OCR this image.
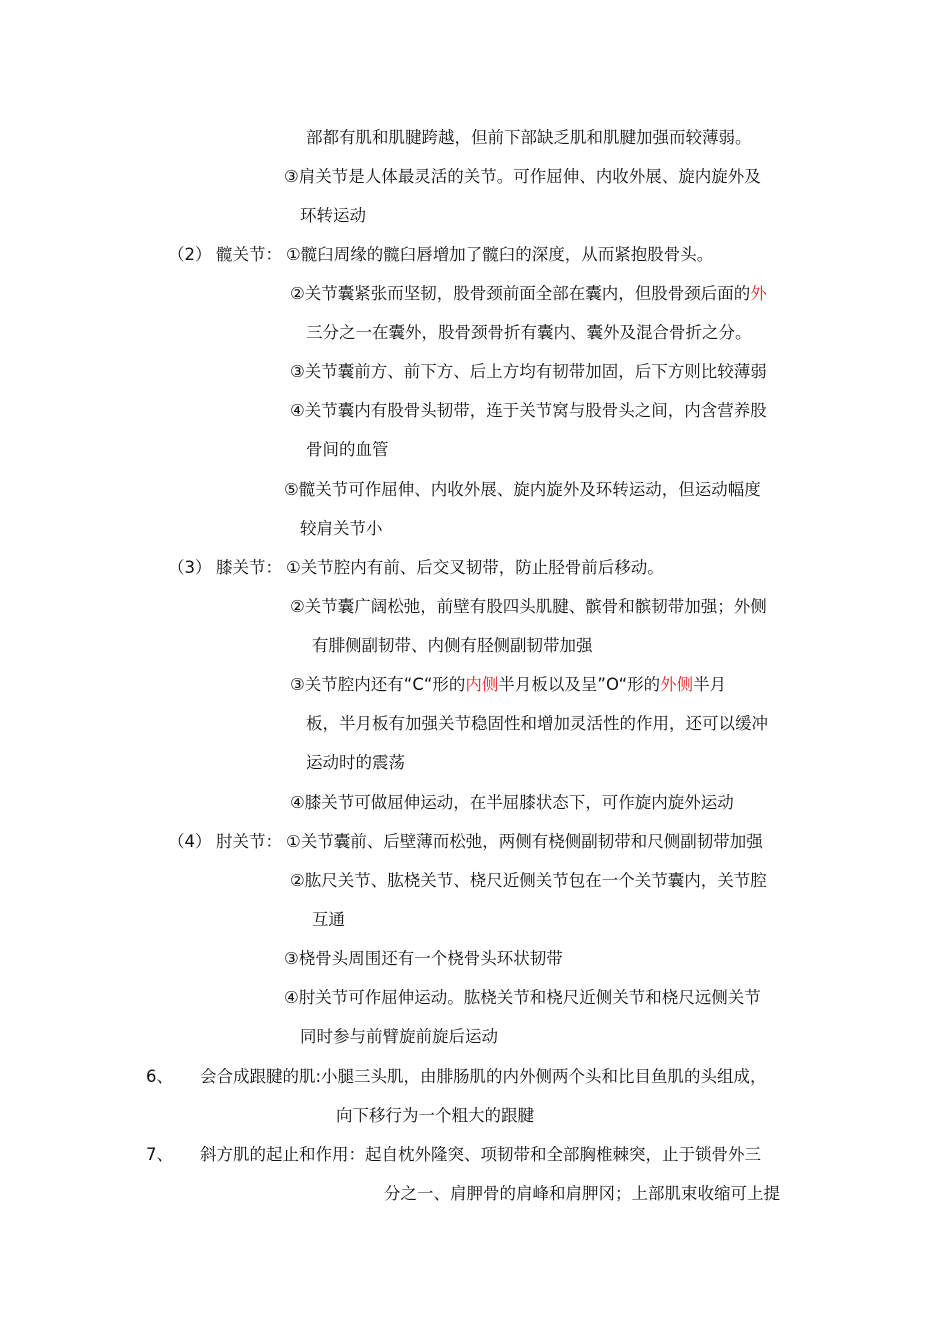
部都有肌和肌腱跨越，但前下部缺乏肌和肌腱加强而较薄弱。
③肩关节是人体最灵活的关节。可作屈伸、内收外展、旋内旋外及
环转运动
（2） 髋关节： ①髋臼周缘的髋臼唇增加了髋臼的深度，从而紧抱股骨头。
②关节囊紧张而坚韧，股骨颈前面全部在囊内，但股骨颈后面的外
三分之一在囊外，股骨颈骨折有囊内、囊外及混合骨折之分。
③关节囊前方、前下方、后上方均有韧带加固，后下方则比较薄弱
④关节囊内有股骨头韧带，连于关节窝与股骨头之间，内含营养股
骨间的血管
⑤髋关节可作屈伸、内收外展、旋内旋外及环转运动，但运动幅度
较肩关节小
（3） 膝关节： ①关节腔内有前、后交叉韧带，防止胫骨前后移动。
②关节囊广阔松弛，前壁有股四头肌腱、髌骨和髌韧带加强；外侧
有腓侧副韧带、内侧有胫侧副韧带加强
③关节腔内还有“C“形的内侧半月板以及呈”O“形的外侧半月
板，半月板有加强关节稳固性和增加灵活性的作用，还可以缓冲
运动时的震荡
④膝关节可做屈伸运动，在半屈膝状态下，可作旋内旋外运动
（4） 肘关节： ①关节囊前、后壁薄而松弛，两侧有桡侧副韧带和尺侧副韧带加强
②肱尺关节、肱桡关节、桡尺近侧关节包在一个关节囊内，关节腔
互通
③桡骨头周围还有一个桡骨头环状韧带
④肘关节可作屈伸运动。肱桡关节和桡尺近侧关节和桡尺远侧关节
同时参与前臂旋前旋后运动
6、 会合成跟腱的肌:小腿三头肌，由腓肠肌的内外侧两个头和比目鱼肌的头组成，
向下移行为一个粗大的跟腱
7、 斜方肌的起止和作用：起自枕外隆突、项韧带和全部胸椎棘突，止于锁骨外三
分之一、肩胛骨的肩峰和肩胛冈；上部肌束收缩可上提
